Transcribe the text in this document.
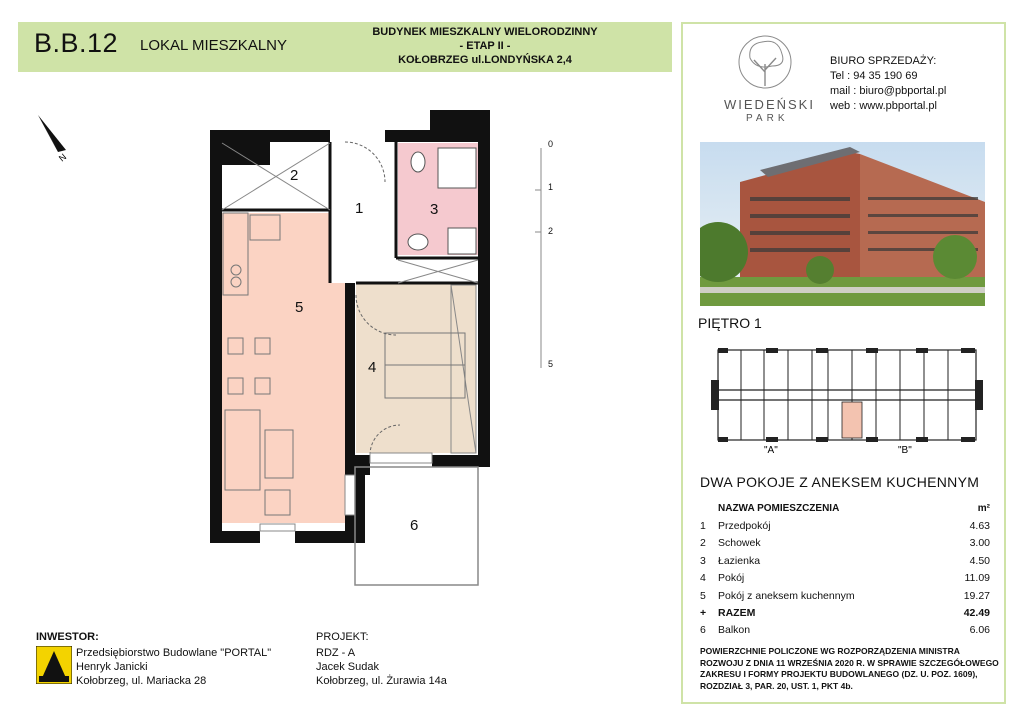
B.B.12 LOKAL MIESZKALNY
BUDYNEK MIESZKALNY WIELORODZINNY
- ETAP II -
KOŁOBRZEG ul.LONDYŃSKA 2,4
N
1
2
3
4
5
6
0
1
2
5
WIEDEŃSKI
PARK
BIURO SPRZEDAŻY:
Tel : 94 35 190 69
mail : biuro@pbportal.pl
web : www.pbportal.pl
PIĘTRO 1
"A"	"B"
DWA POKOJE Z ANEKSEM KUCHENNYM
	NAZWA POMIESZCZENIA	m²
1	Przedpokój	4.63
2	Schowek	3.00
3	Łazienka	4.50
4	Pokój	11.09
5	Pokój z aneksem kuchennym	19.27
+	RAZEM	42.49
6	Balkon	6.06
POWIERZCHNIE POLICZONE WG ROZPORZĄDZENIA MINISTRA ROZWOJU Z DNIA 11 WRZEŚNIA 2020 R. W SPRAWIE SZCZEGÓŁOWEGO ZAKRESU I FORMY PROJEKTU BUDOWLANEGO (DZ. U. POZ. 1609), ROZDZIAŁ 3, PAR. 20, UST. 1, PKT 4b.
INWESTOR:
Przedsiębiorstwo Budowlane "PORTAL"
Henryk Janicki
Kołobrzeg, ul. Mariacka 28
PROJEKT:
RDZ - A
Jacek Sudak
Kołobrzeg, ul. Żurawia 14a
